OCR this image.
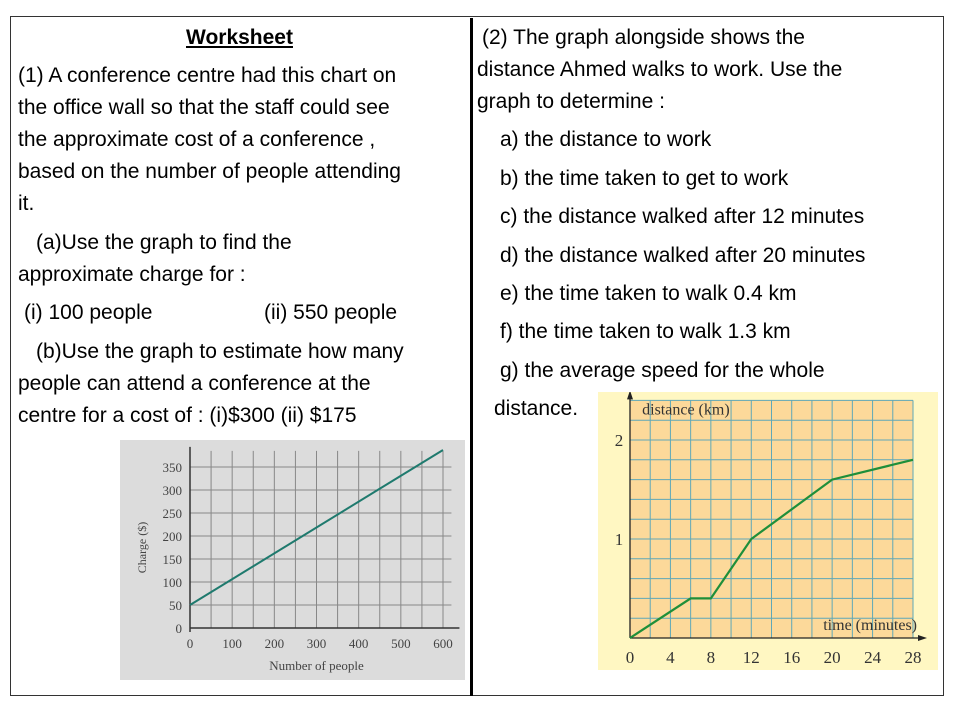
Worksheet
(1) A conference centre had this chart on
the office wall so that the staff could see
the approximate cost of a conference ,
based on the number of people attending
it.
(a)Use the graph to find the
approximate charge for :
(i) 100 people	(ii) 550 people
(b)Use the graph to estimate how many
people can attend a conference at the
centre for a cost of : (i)$300 (ii) $175
(2) The graph alongside shows the
distance Ahmed walks to work. Use the
graph to determine :
a) the distance to work
b) the time taken to get to work
c) the distance walked after 12 minutes
d) the distance walked after 20 minutes
e) the time taken to walk 0.4 km
f) the time taken to walk 1.3 km
g) the average speed for the whole
distance.
0 100 200 300 400 500 600
0
50
100
150
200
250
300
350
Number of people
Charge ($)
0 4 8 12 16 20 24 28
1
2
distance (km)
time (minutes)
